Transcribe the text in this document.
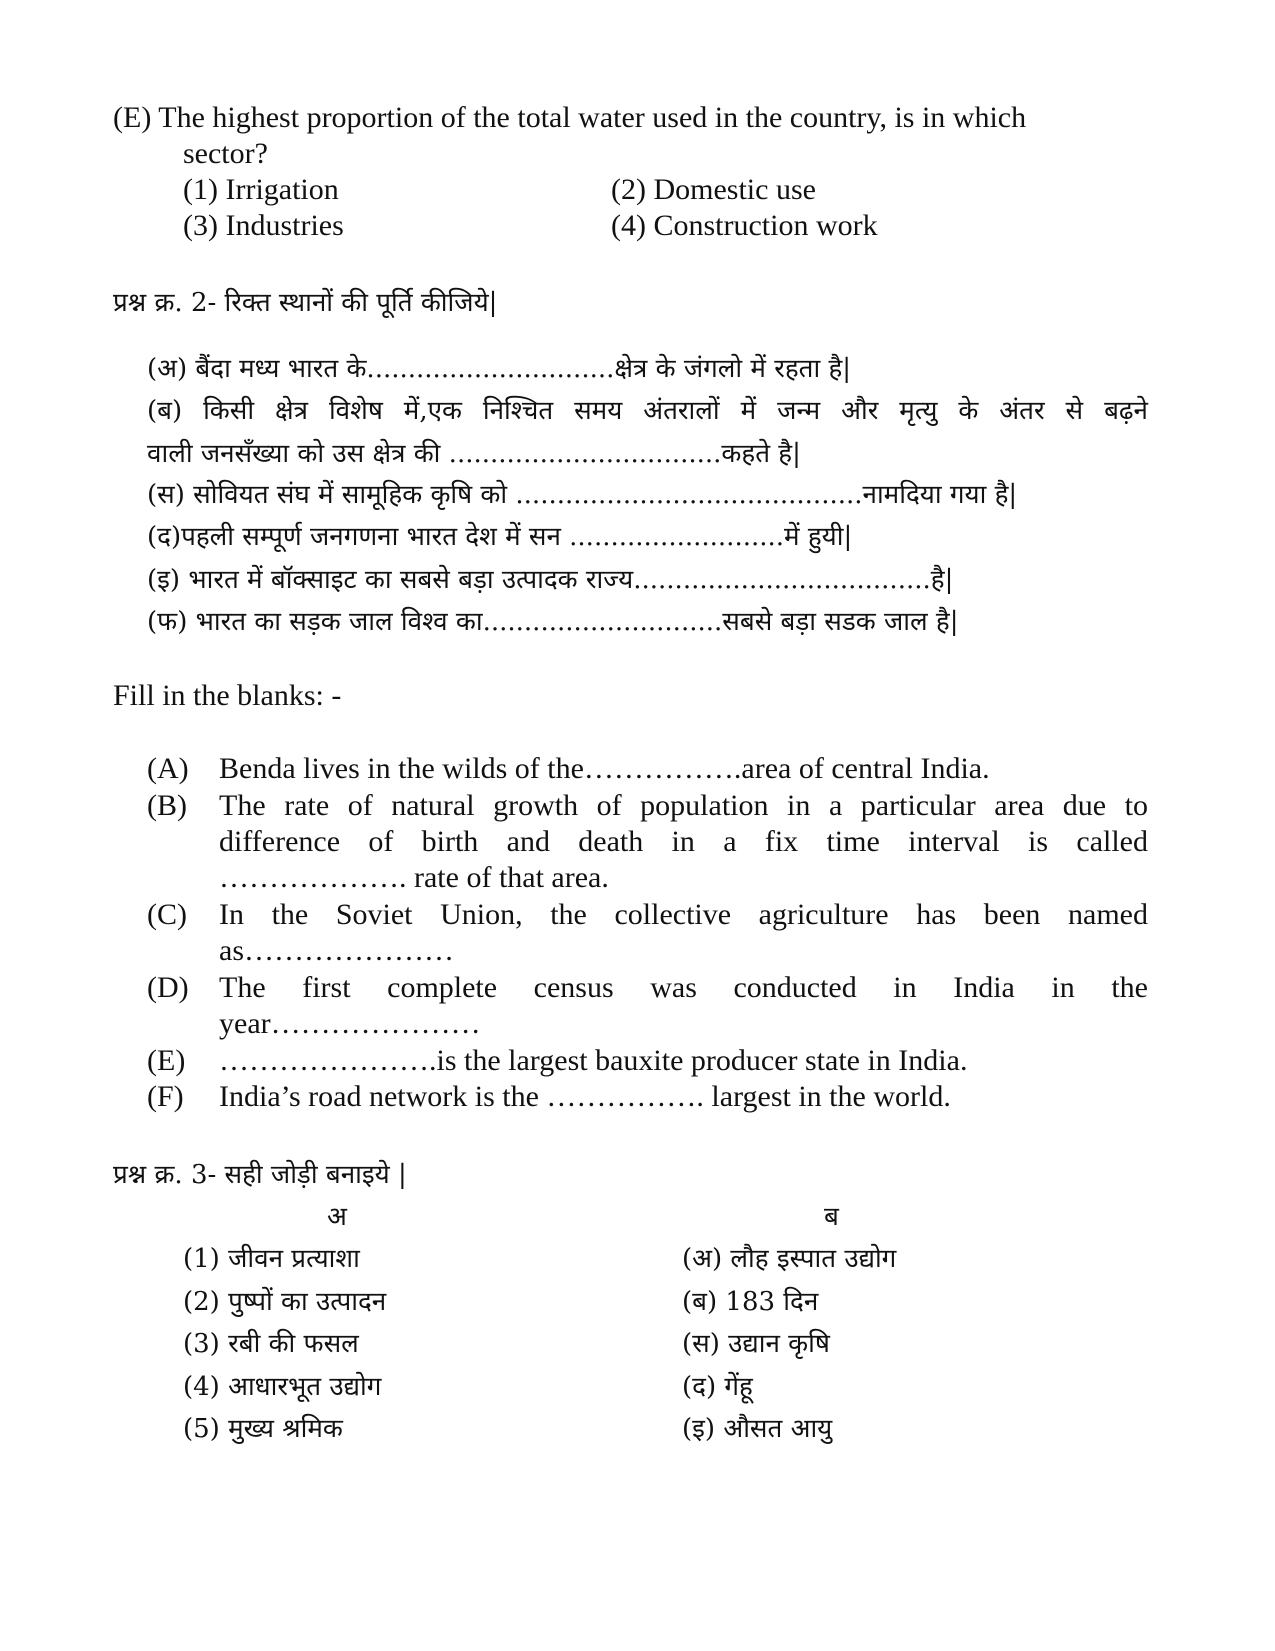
(E) The highest proportion of the total water used in the country, is in which
sector?
(1) Irrigation	(2) Domestic use
(3) Industries	(4) Construction work
प्रश्न क्र. 2- रिक्त स्थानों की पूर्ति कीजिये|
(अ) बैंदा मध्य भारत के..............................क्षेत्र के जंगलो में रहता है|
(ब) किसी क्षेत्र विशेष में,एक निश्चित समय अंतरालों में जन्म और मृत्यु के अंतर से बढ़ने
वाली जनसँख्या को उस क्षेत्र की .................................कहते है|
(स) सोवियत संघ में सामूहिक कृषि को ..........................................नामदिया गया है|
(द)पहली सम्पूर्ण जनगणना भारत देश में सन ..........................में हुयी|
(इ) भारत में बॉक्साइट का सबसे बड़ा उत्पादक राज्य....................................है|
(फ) भारत का सड़क जाल विश्व का.............................सबसे बड़ा सडक जाल है|
Fill in the blanks: -
(A) Benda lives in the wilds of the…………….area of central India.
(B) The rate of natural growth of population in a particular area due to
difference of birth and death in a fix time interval is called
………………. rate of that area.
(C) In the Soviet Union, the collective agriculture has been named
as…………………
(D) The first complete census was conducted in India in the
year…………………
(E) ………………….is the largest bauxite producer state in India.
(F) India’s road network is the ……………. largest in the world.
प्रश्न क्र. 3- सही जोड़ी बनाइये |
अ	ब
(1) जीवन प्रत्याशा	(अ) लौह इस्पात उद्योग
(2) पुष्पों का उत्पादन	(ब) 183 दिन
(3) रबी की फसल	(स) उद्यान कृषि
(4) आधारभूत उद्योग	(द) गेंहू
(5) मुख्य श्रमिक	(इ) औसत आयु
